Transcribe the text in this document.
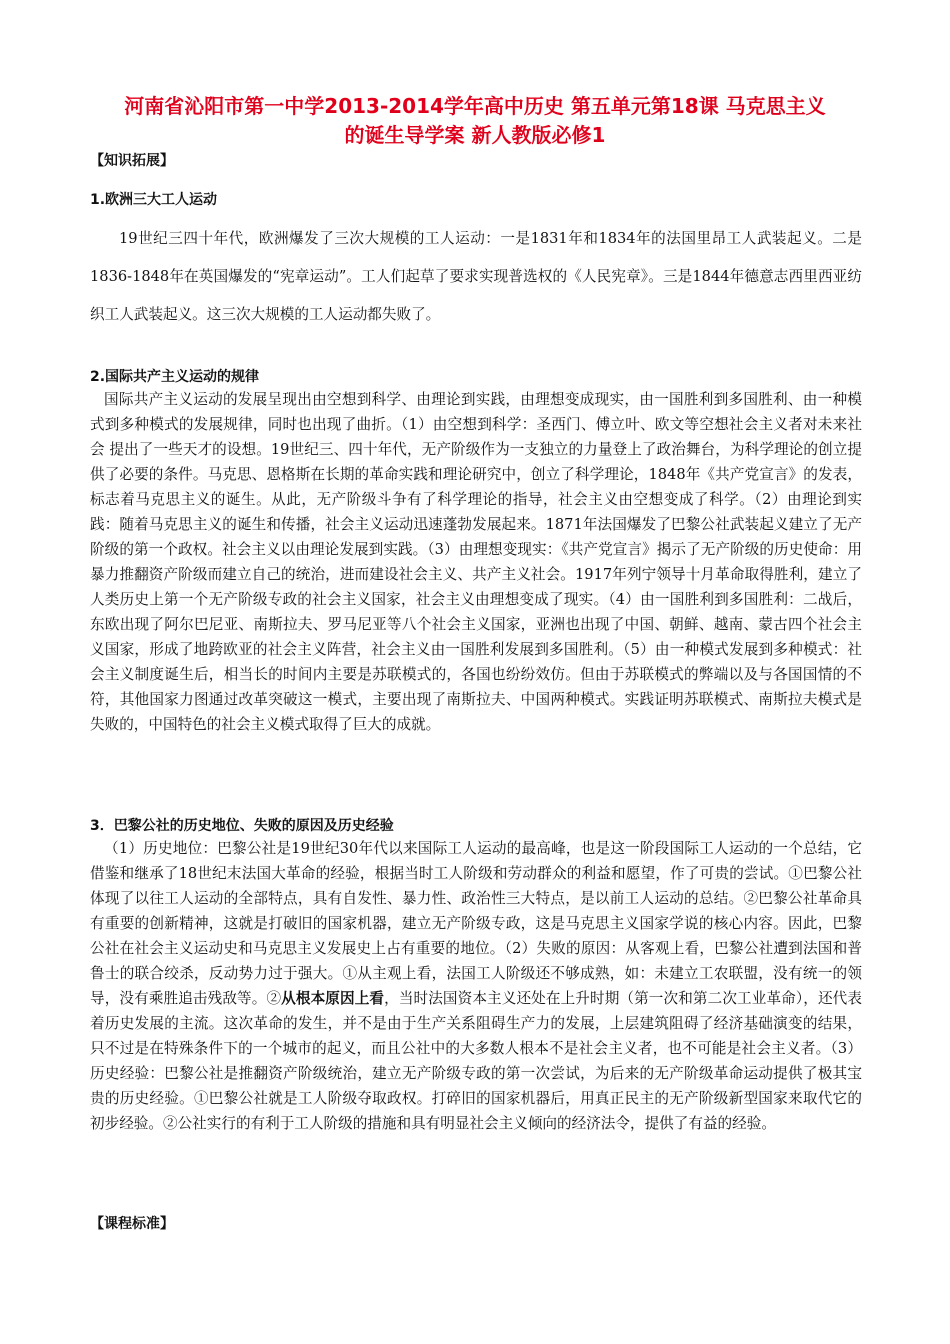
河南省沁阳市第一中学2013-2014学年高中历史 第五单元第18课 马克思主义

的诞生导学案 新人教版必修1

【知识拓展】

1.欧洲三大工人运动

19世纪三四十年代，欧洲爆发了三次大规模的工人运动：一是1831年和1834年的法国里昂工人武装起义。二是1836-1848年在英国爆发的“宪章运动”。工人们起草了要求实现普选权的《人民宪章》。三是1844年德意志西里西亚纺织工人武装起义。这三次大规模的工人运动都失败了。

2.国际共产主义运动的规律

国际共产主义运动的发展呈现出由空想到科学、由理论到实践，由理想变成现实，由一国胜利到多国胜利、由一种模式到多种模式的发展规律，同时也出现了曲折。（1）由空想到科学：圣西门、傅立叶、欧文等空想社会主义者对未来社会 提出了一些天才的设想。19世纪三、四十年代，无产阶级作为一支独立的力量登上了政治舞台，为科学理论的创立提供了必要的条件。马克思、恩格斯在长期的革命实践和理论研究中，创立了科学理论，1848年《共产党宣言》的发表，标志着马克思主义的诞生。从此，无产阶级斗争有了科学理论的指导，社会主义由空想变成了科学。（2）由理论到实践：随着马克思主义的诞生和传播，社会主义运动迅速蓬勃发展起来。1871年法国爆发了巴黎公社武装起义建立了无产阶级的第一个政权。社会主义以由理论发展到实践。（3）由理想变现实：《共产党宣言》揭示了无产阶级的历史使命：用暴力推翻资产阶级而建立自己的统治，进而建设社会主义、共产主义社会。1917年列宁领导十月革命取得胜利，建立了人类历史上第一个无产阶级专政的社会主义国家，社会主义由理想变成了现实。（4）由一国胜利到多国胜利：二战后，东欧出现了阿尔巴尼亚、南斯拉夫、罗马尼亚等八个社会主义国家，亚洲也出现了中国、朝鲜、越南、蒙古四个社会主义国家，形成了地跨欧亚的社会主义阵营，社会主义由一国胜利发展到多国胜利。（5）由一种模式发展到多种模式：社会主义制度诞生后，相当长的时间内主要是苏联模式的，各国也纷纷效仿。但由于苏联模式的弊端以及与各国国情的不符，其他国家力图通过改革突破这一模式，主要出现了南斯拉夫、中国两种模式。实践证明苏联模式、南斯拉夫模式是失败的，中国特色的社会主义模式取得了巨大的成就。

3．巴黎公社的历史地位、失败的原因及历史经验

（1）历史地位：巴黎公社是19世纪30年代以来国际工人运动的最高峰，也是这一阶段国际工人运动的一个总结，它借鉴和继承了18世纪末法国大革命的经验，根据当时工人阶级和劳动群众的利益和愿望，作了可贵的尝试。①巴黎公社体现了以往工人运动的全部特点，具有自发性、暴力性、政治性三大特点，是以前工人运动的总结。②巴黎公社革命具有重要的创新精神，这就是打破旧的国家机器，建立无产阶级专政，这是马克思主义国家学说的核心内容。因此，巴黎公社在社会主义运动史和马克思主义发展史上占有重要的地位。（2）失败的原因：从客观上看，巴黎公社遭到法国和普鲁士的联合绞杀，反动势力过于强大。①从主观上看，法国工人阶级还不够成熟，如：未建立工农联盟，没有统一的领导，没有乘胜追击残敌等。②从根本原因上看，当时法国资本主义还处在上升时期（第一次和第二次工业革命），还代表着历史发展的主流。这次革命的发生，并不是由于生产关系阻碍生产力的发展，上层建筑阻碍了经济基础演变的结果，只不过是在特殊条件下的一个城市的起义，而且公社中的大多数人根本不是社会主义者，也不可能是社会主义者。（3）历史经验：巴黎公社是推翻资产阶级统治，建立无产阶级专政的第一次尝试，为后来的无产阶级革命运动提供了极其宝贵的历史经验。①巴黎公社就是工人阶级夺取政权。打碎旧的国家机器后，用真正民主的无产阶级新型国家来取代它的初步经验。②公社实行的有利于工人阶级的措施和具有明显社会主义倾向的经济法令，提供了有益的经验。

【课程标准】
